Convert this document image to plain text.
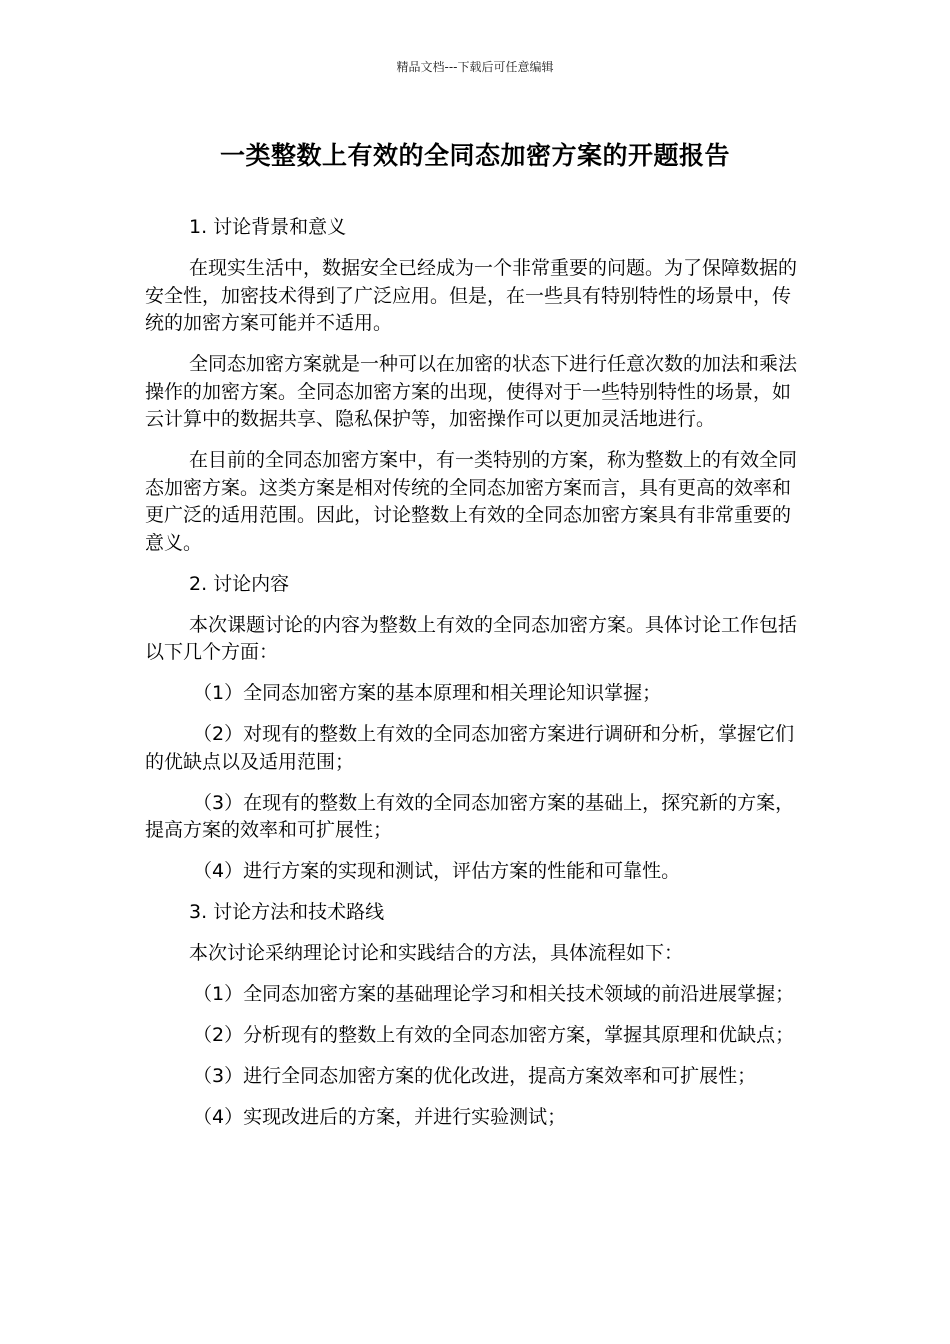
精品文档---下载后可任意编辑
一类整数上有效的全同态加密方案的开题报告

1. 讨论背景和意义

在现实生活中，数据安全已经成为一个非常重要的问题。为了保障数据的安全性，加密技术得到了广泛应用。但是，在一些具有特别特性的场景中，传统的加密方案可能并不适用。

全同态加密方案就是一种可以在加密的状态下进行任意次数的加法和乘法操作的加密方案。全同态加密方案的出现，使得对于一些特别特性的场景，如云计算中的数据共享、隐私保护等，加密操作可以更加灵活地进行。

在目前的全同态加密方案中，有一类特别的方案，称为整数上的有效全同态加密方案。这类方案是相对传统的全同态加密方案而言，具有更高的效率和更广泛的适用范围。因此，讨论整数上有效的全同态加密方案具有非常重要的意义。

2. 讨论内容

本次课题讨论的内容为整数上有效的全同态加密方案。具体讨论工作包括以下几个方面：

（1）全同态加密方案的基本原理和相关理论知识掌握；

（2）对现有的整数上有效的全同态加密方案进行调研和分析，掌握它们的优缺点以及适用范围；

（3）在现有的整数上有效的全同态加密方案的基础上，探究新的方案，提高方案的效率和可扩展性；

（4）进行方案的实现和测试，评估方案的性能和可靠性。

3. 讨论方法和技术路线

本次讨论采纳理论讨论和实践结合的方法，具体流程如下：

（1）全同态加密方案的基础理论学习和相关技术领域的前沿进展掌握；

（2）分析现有的整数上有效的全同态加密方案，掌握其原理和优缺点；

（3）进行全同态加密方案的优化改进，提高方案效率和可扩展性；

（4）实现改进后的方案，并进行实验测试；
